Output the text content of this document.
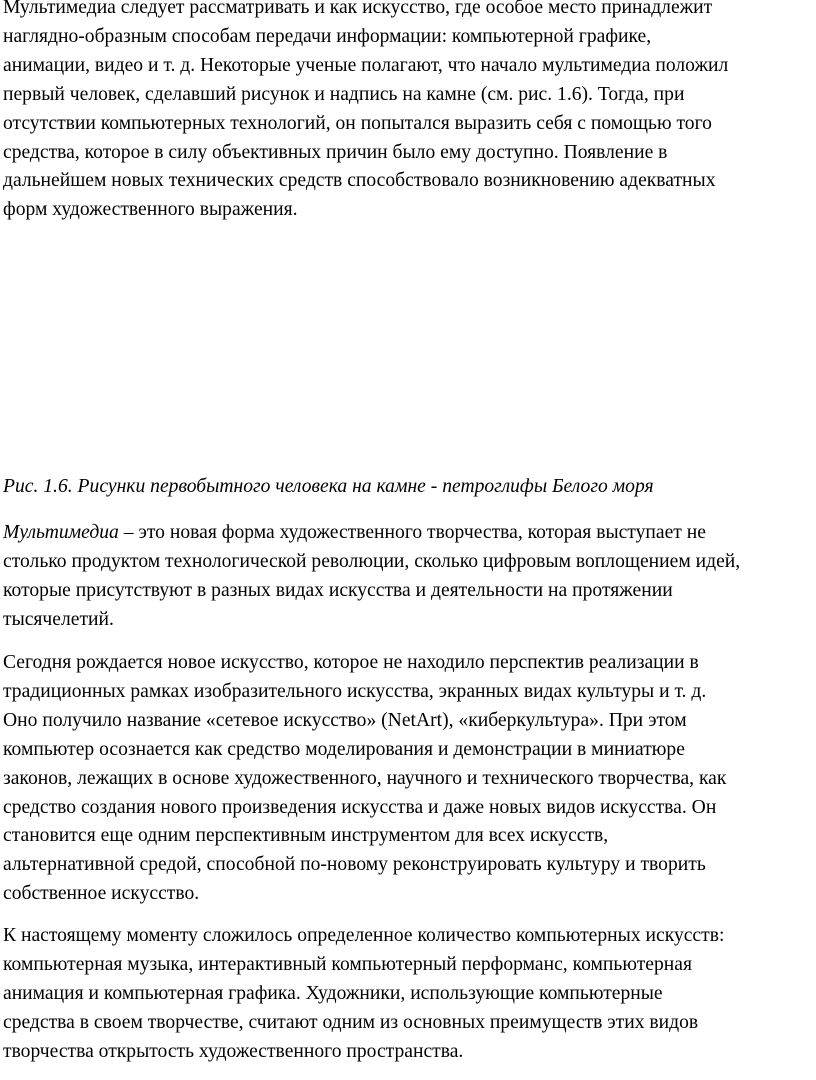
Мультимедиа следует рассматривать и как искусство, где особое место принадлежит
наглядно-образным способам передачи информации: компьютерной графике,
анимации, видео и т. д. Некоторые ученые полагают, что начало мультимедиа положил
первый человек, сделавший рисунок и надпись на камне (см. рис. 1.6). Тогда, при
отсутствии компьютерных технологий, он попытался выразить себя с помощью того
средства, которое в силу объективных причин было ему доступно. Появление в
дальнейшем новых технических средств способствовало возникновению адекватных
форм художественного выражения.

Рис. 1.6. Рисунки первобытного человека на камне - петроглифы Белого моря

Мультимедиа – это новая форма художественного творчества, которая выступает не
столько продуктом технологической революции, сколько цифровым воплощением идей,
которые присутствуют в разных видах искусства и деятельности на протяжении
тысячелетий.

Сегодня рождается новое искусство, которое не находило перспектив реализации в
традиционных рамках изобразительного искусства, экранных видах культуры и т. д.
Оно получило название «сетевое искусство» (NetArt), «киберкультура». При этом
компьютер осознается как средство моделирования и демонстрации в миниатюре
законов, лежащих в основе художественного, научного и технического творчества, как
средство создания нового произведения искусства и даже новых видов искусства. Он
становится еще одним перспективным инструментом для всех искусств,
альтернативной средой, способной по-новому реконструировать культуру и творить
собственное искусство.

К настоящему моменту сложилось определенное количество компьютерных искусств:
компьютерная музыка, интерактивный компьютерный перформанс, компьютерная
анимация и компьютерная графика. Художники, использующие компьютерные
средства в своем творчестве, считают одним из основных преимуществ этих видов
творчества открытость художественного пространства.
